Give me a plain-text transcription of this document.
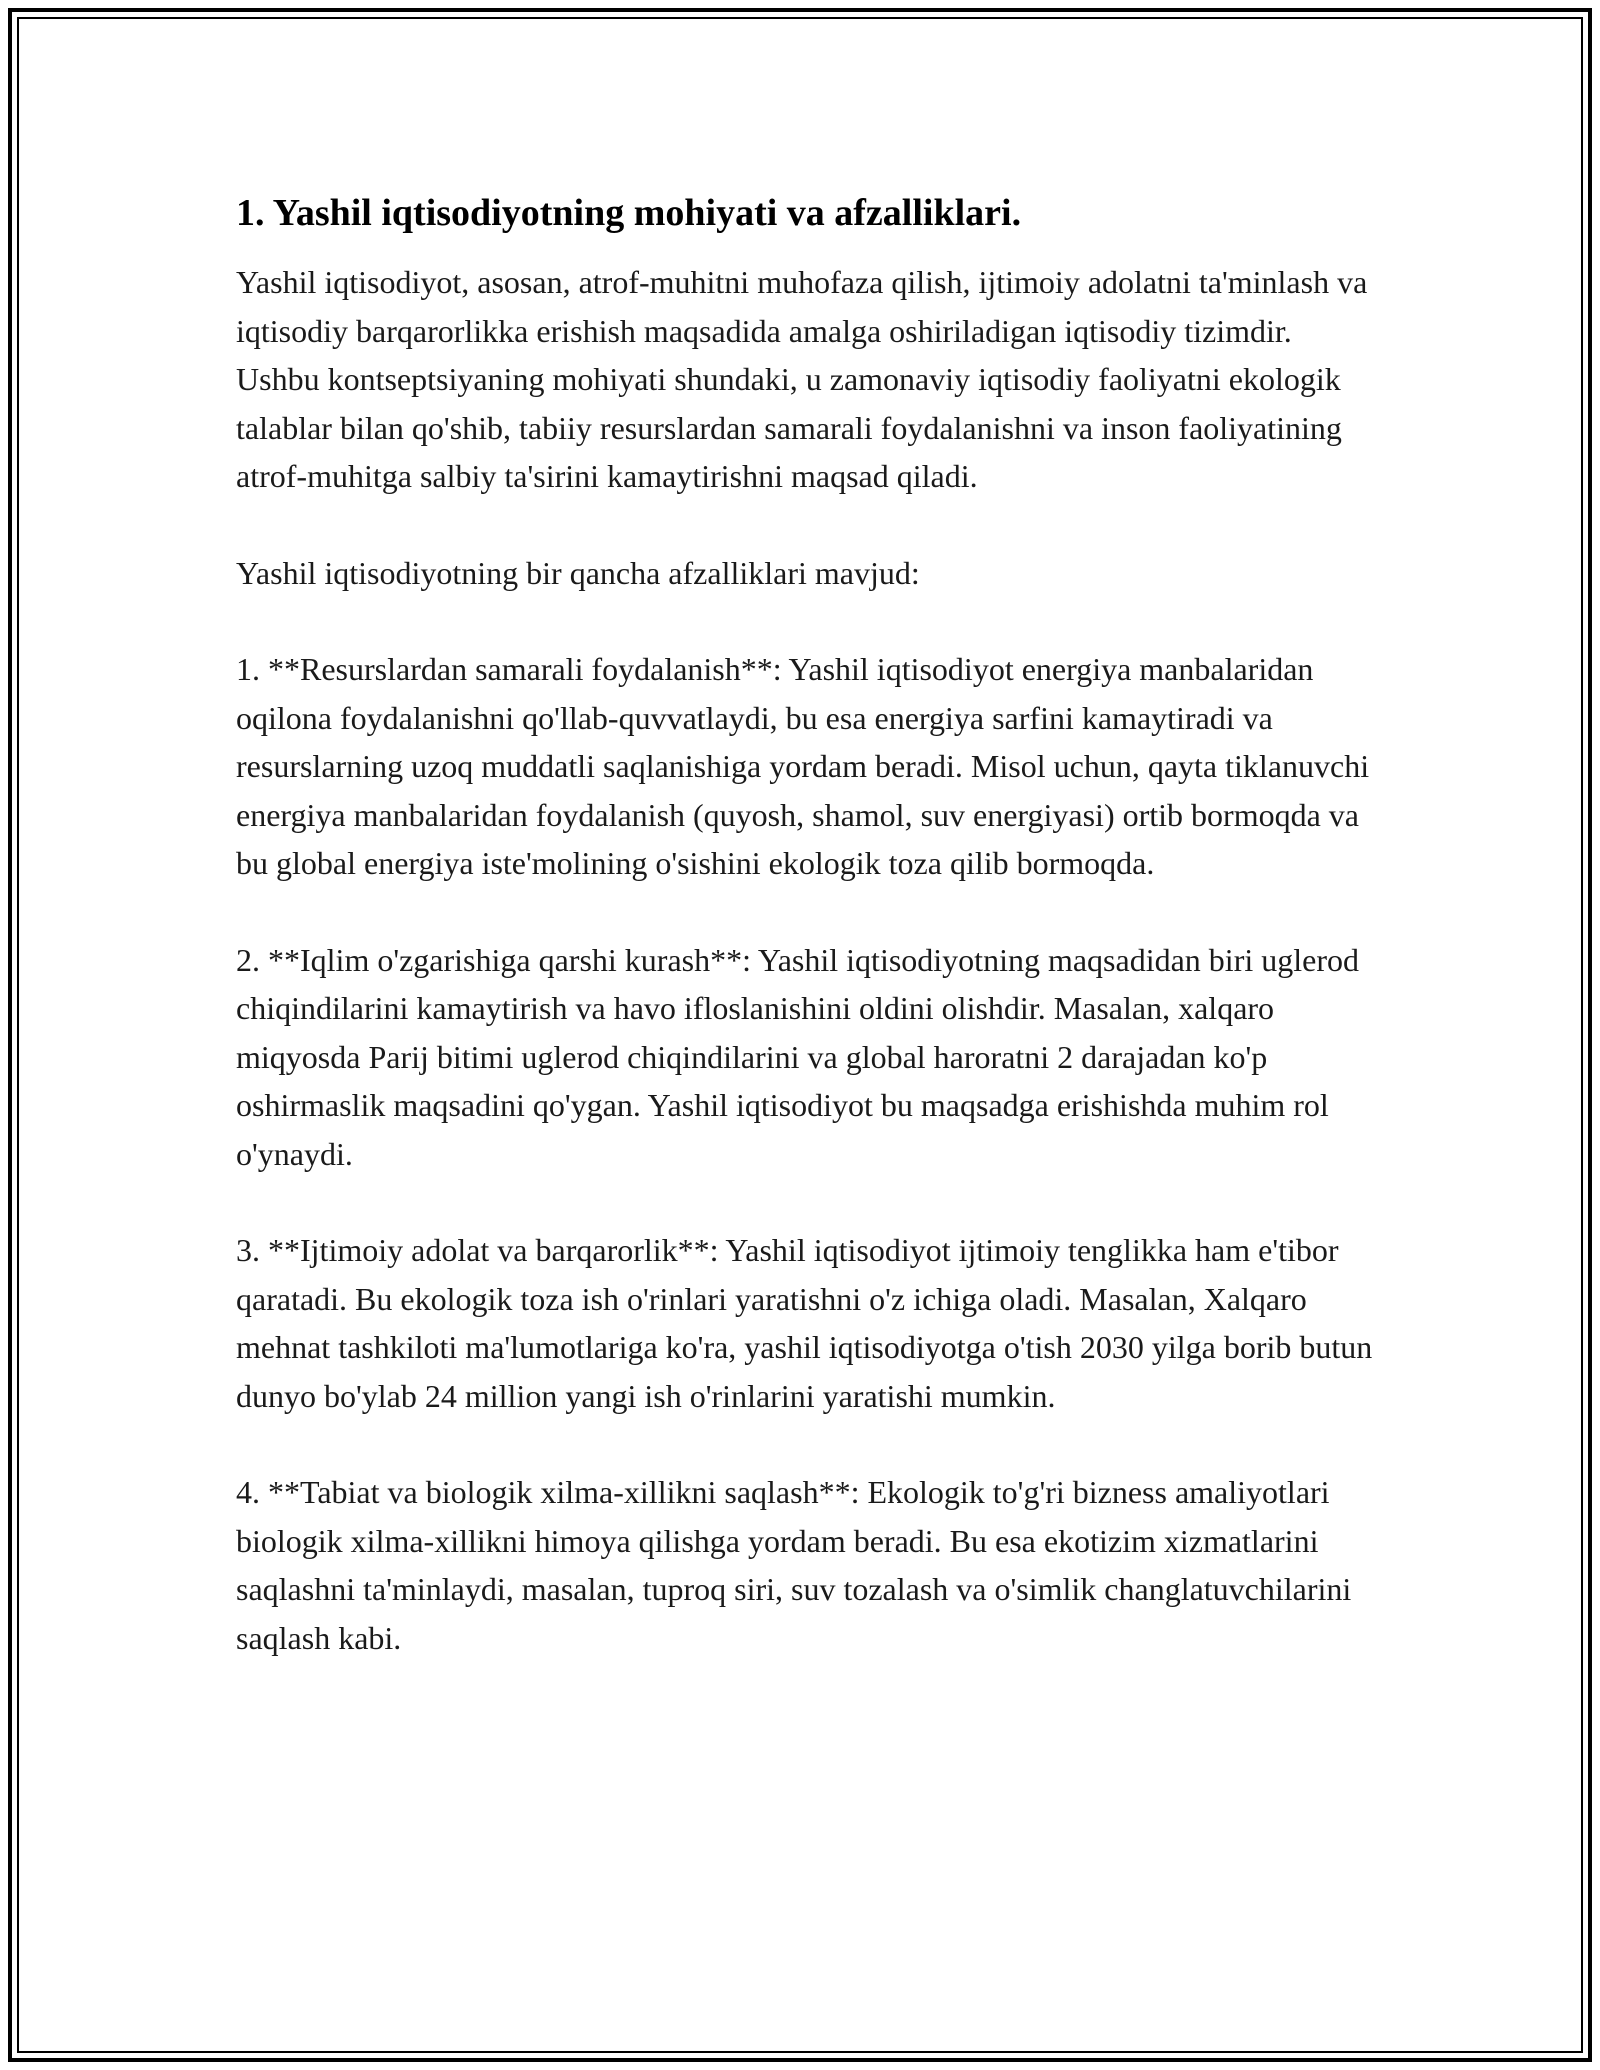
1. Yashil iqtisodiyotning mohiyati va afzalliklari.

Yashil iqtisodiyot, asosan, atrof-muhitni muhofaza qilish, ijtimoiy adolatni ta'minlash va iqtisodiy barqarorlikka erishish maqsadida amalga oshiriladigan iqtisodiy tizimdir. Ushbu kontseptsiyaning mohiyati shundaki, u zamonaviy iqtisodiy faoliyatni ekologik talablar bilan qo'shib, tabiiy resurslardan samarali foydalanishni va inson faoliyatining atrof-muhitga salbiy ta'sirini kamaytirishni maqsad qiladi.

Yashil iqtisodiyotning bir qancha afzalliklari mavjud:

1. **Resurslardan samarali foydalanish**: Yashil iqtisodiyot energiya manbalaridan oqilona foydalanishni qo'llab-quvvatlaydi, bu esa energiya sarfini kamaytiradi va resurslarning uzoq muddatli saqlanishiga yordam beradi. Misol uchun, qayta tiklanuvchi energiya manbalaridan foydalanish (quyosh, shamol, suv energiyasi) ortib bormoqda va bu global energiya iste'molining o'sishini ekologik toza qilib bormoqda.

2. **Iqlim o'zgarishiga qarshi kurash**: Yashil iqtisodiyotning maqsadidan biri uglerod chiqindilarini kamaytirish va havo ifloslanishini oldini olishdir. Masalan, xalqaro miqyosda Parij bitimi uglerod chiqindilarini va global haroratni 2 darajadan ko'p oshirmaslik maqsadini qo'ygan. Yashil iqtisodiyot bu maqsadga erishishda muhim rol o'ynaydi.

3. **Ijtimoiy adolat va barqarorlik**: Yashil iqtisodiyot ijtimoiy tenglikka ham e'tibor qaratadi. Bu ekologik toza ish o'rinlari yaratishni o'z ichiga oladi. Masalan, Xalqaro mehnat tashkiloti ma'lumotlariga ko'ra, yashil iqtisodiyotga o'tish 2030 yilga borib butun dunyo bo'ylab 24 million yangi ish o'rinlarini yaratishi mumkin.

4. **Tabiat va biologik xilma-xillikni saqlash**: Ekologik to'g'ri bizness amaliyotlari biologik xilma-xillikni himoya qilishga yordam beradi. Bu esa ekotizim xizmatlarini saqlashni ta'minlaydi, masalan, tuproq siri, suv tozalash va o'simlik changlatuvchilarini saqlash kabi.
